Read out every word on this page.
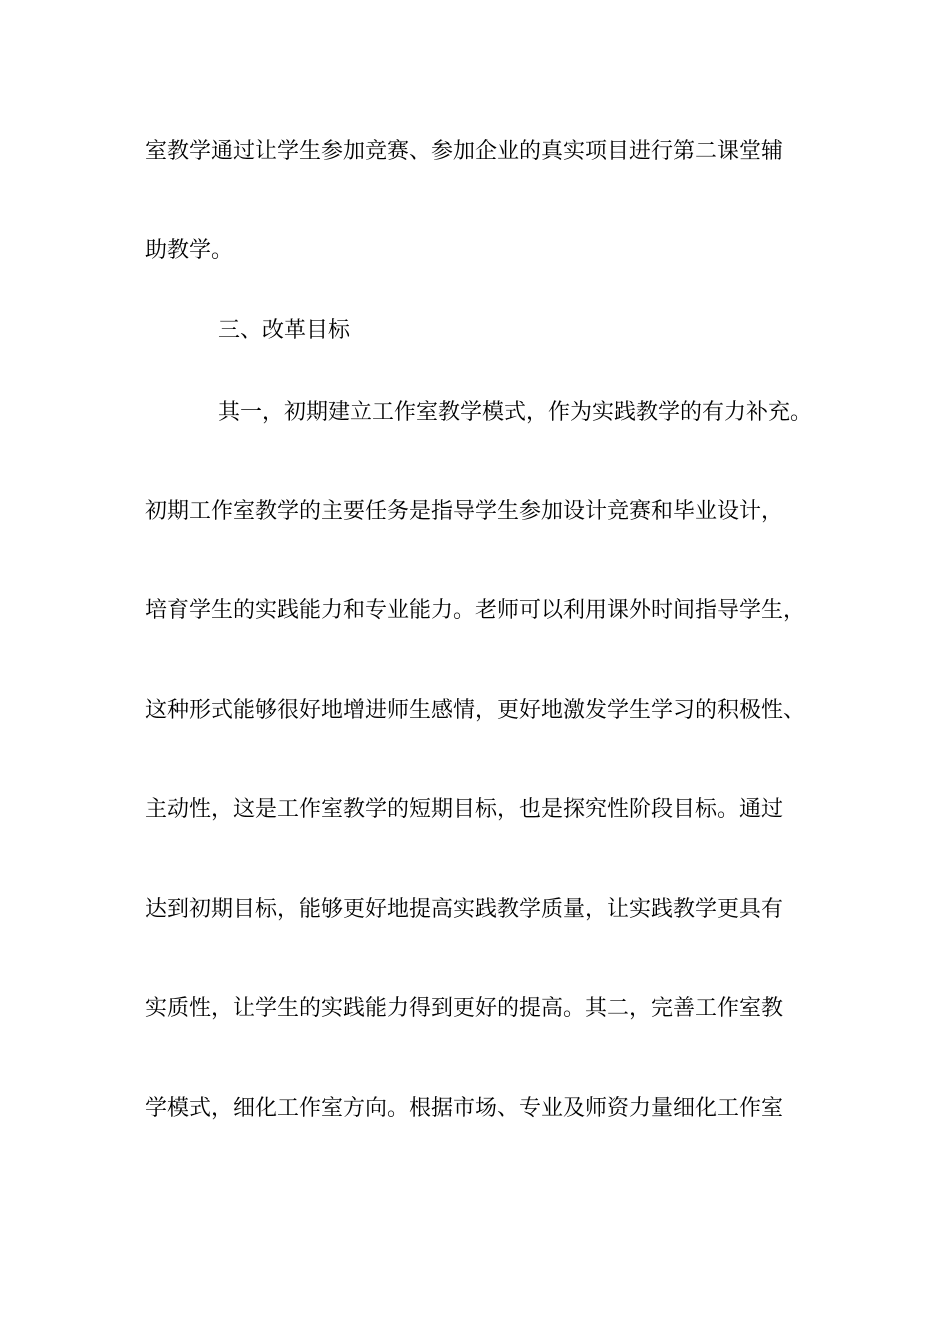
室教学通过让学生参加竞赛、参加企业的真实项目进行第二课堂辅
助教学。
三、改革目标
其一，初期建立工作室教学模式，作为实践教学的有力补充。
初期工作室教学的主要任务是指导学生参加设计竞赛和毕业设计，
培育学生的实践能力和专业能力。老师可以利用课外时间指导学生，
这种形式能够很好地增进师生感情，更好地激发学生学习的积极性、
主动性，这是工作室教学的短期目标，也是探究性阶段目标。通过
达到初期目标，能够更好地提高实践教学质量，让实践教学更具有
实质性，让学生的实践能力得到更好的提高。其二，完善工作室教
学模式，细化工作室方向。根据市场、专业及师资力量细化工作室
